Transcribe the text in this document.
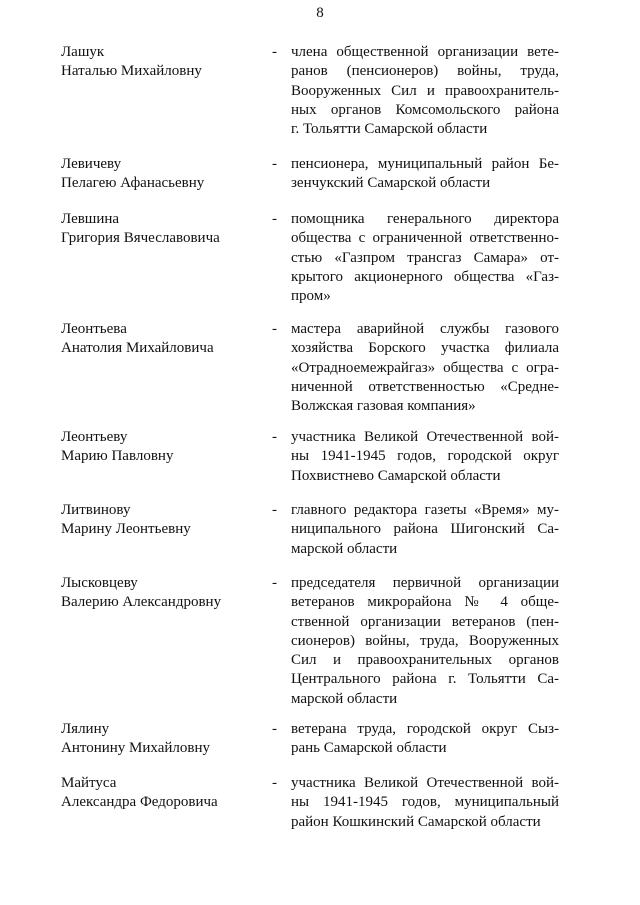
8
Лашук
Наталью Михайловну
- члена общественной организации вете-
ранов (пенсионеров) войны, труда,
Вооруженных Сил и правоохранитель-
ных органов Комсомольского района
г. Тольятти Самарской области
Левичеву
Пелагею Афанасьевну
- пенсионера, муниципальный район Бе-
зенчукский Самарской области
Левшина
Григория Вячеславовича
- помощника генерального директора
общества с ограниченной ответственно-
стью «Газпром трансгаз Самара» от-
крытого акционерного общества «Газ-
пром»
Леонтьева
Анатолия Михайловича
- мастера аварийной службы газового
хозяйства Борского участка филиала
«Отрадноемежрайгаз» общества с огра-
ниченной ответственностью «Средне-
Волжская газовая компания»
Леонтьеву
Марию Павловну
- участника Великой Отечественной вой-
ны 1941-1945 годов, городской округ
Похвистнево Самарской области
Литвинову
Марину Леонтьевну
- главного редактора газеты «Время» му-
ниципального района Шигонский Са-
марской области
Лысковцеву
Валерию Александровну
- председателя первичной организации
ветеранов микрорайона № 4 обще-
ственной организации ветеранов (пен-
сионеров) войны, труда, Вооруженных
Сил и правоохранительных органов
Центрального района г. Тольятти Са-
марской области
Лялину
Антонину Михайловну
- ветерана труда, городской округ Сыз-
рань Самарской области
Майтуса
Александра Федоровича
- участника Великой Отечественной вой-
ны 1941-1945 годов, муниципальный
район Кошкинский Самарской области
